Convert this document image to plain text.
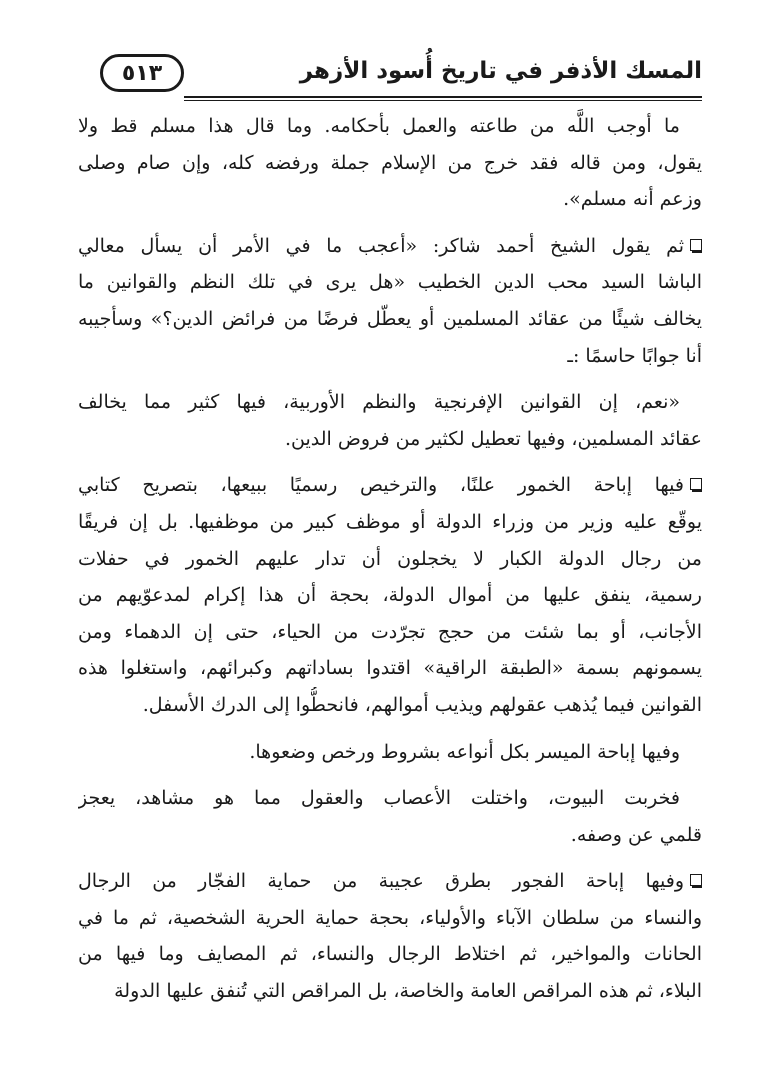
٥١٣	المسك الأذفر في تاريخ أُسود الأزهر
ما أوجب اللَّه من طاعته والعمل بأحكامه. وما قال هذا مسلم قط ولا
يقول، ومن قاله فقد خرج من الإسلام جملة ورفضه كله، وإن صام وصلى
وزعم أنه مسلم».
ثم يقول الشيخ أحمد شاكر: «أعجب ما في الأمر أن يسأل معالي
الباشا السيد محب الدين الخطيب «هل يرى في تلك النظم والقوانين ما
يخالف شيئًا من عقائد المسلمين أو يعطّل فرضًا من فرائض الدين؟» وسأجيبه
أنا جوابًا حاسمًا :ـ
«نعم، إن القوانين الإفرنجية والنظم الأوربية، فيها كثير مما يخالف
عقائد المسلمين، وفيها تعطيل لكثير من فروض الدين.
فيها إباحة الخمور علنًا، والترخيص رسميًا ببيعها، بتصريح كتابي
يوقّع عليه وزير من وزراء الدولة أو موظف كبير من موظفيها. بل إن فريقًا
من رجال الدولة الكبار لا يخجلون أن تدار عليهم الخمور في حفلات
رسمية، ينفق عليها من أموال الدولة، بحجة أن هذا إكرام لمدعوّيهم من
الأجانب، أو بما شئت من حجج تجرّدت من الحياء، حتى إن الدهماء ومن
يسمونهم بسمة «الطبقة الراقية» اقتدوا بساداتهم وكبرائهم، واستغلوا هذه
القوانين فيما يُذهب عقولهم ويذيب أموالهم، فانحطُّوا إلى الدرك الأسفل.
وفيها إباحة الميسر بكل أنواعه بشروط ورخص وضعوها.
فخربت البيوت، واختلت الأعصاب والعقول مما هو مشاهد، يعجز
قلمي عن وصفه.
وفيها إباحة الفجور بطرق عجيبة من حماية الفجّار من الرجال
والنساء من سلطان الآباء والأولياء، بحجة حماية الحرية الشخصية، ثم ما في
الحانات والمواخير، ثم اختلاط الرجال والنساء، ثم المصايف وما فيها من
البلاء، ثم هذه المراقص العامة والخاصة، بل المراقص التي تُنفق عليها الدولة
